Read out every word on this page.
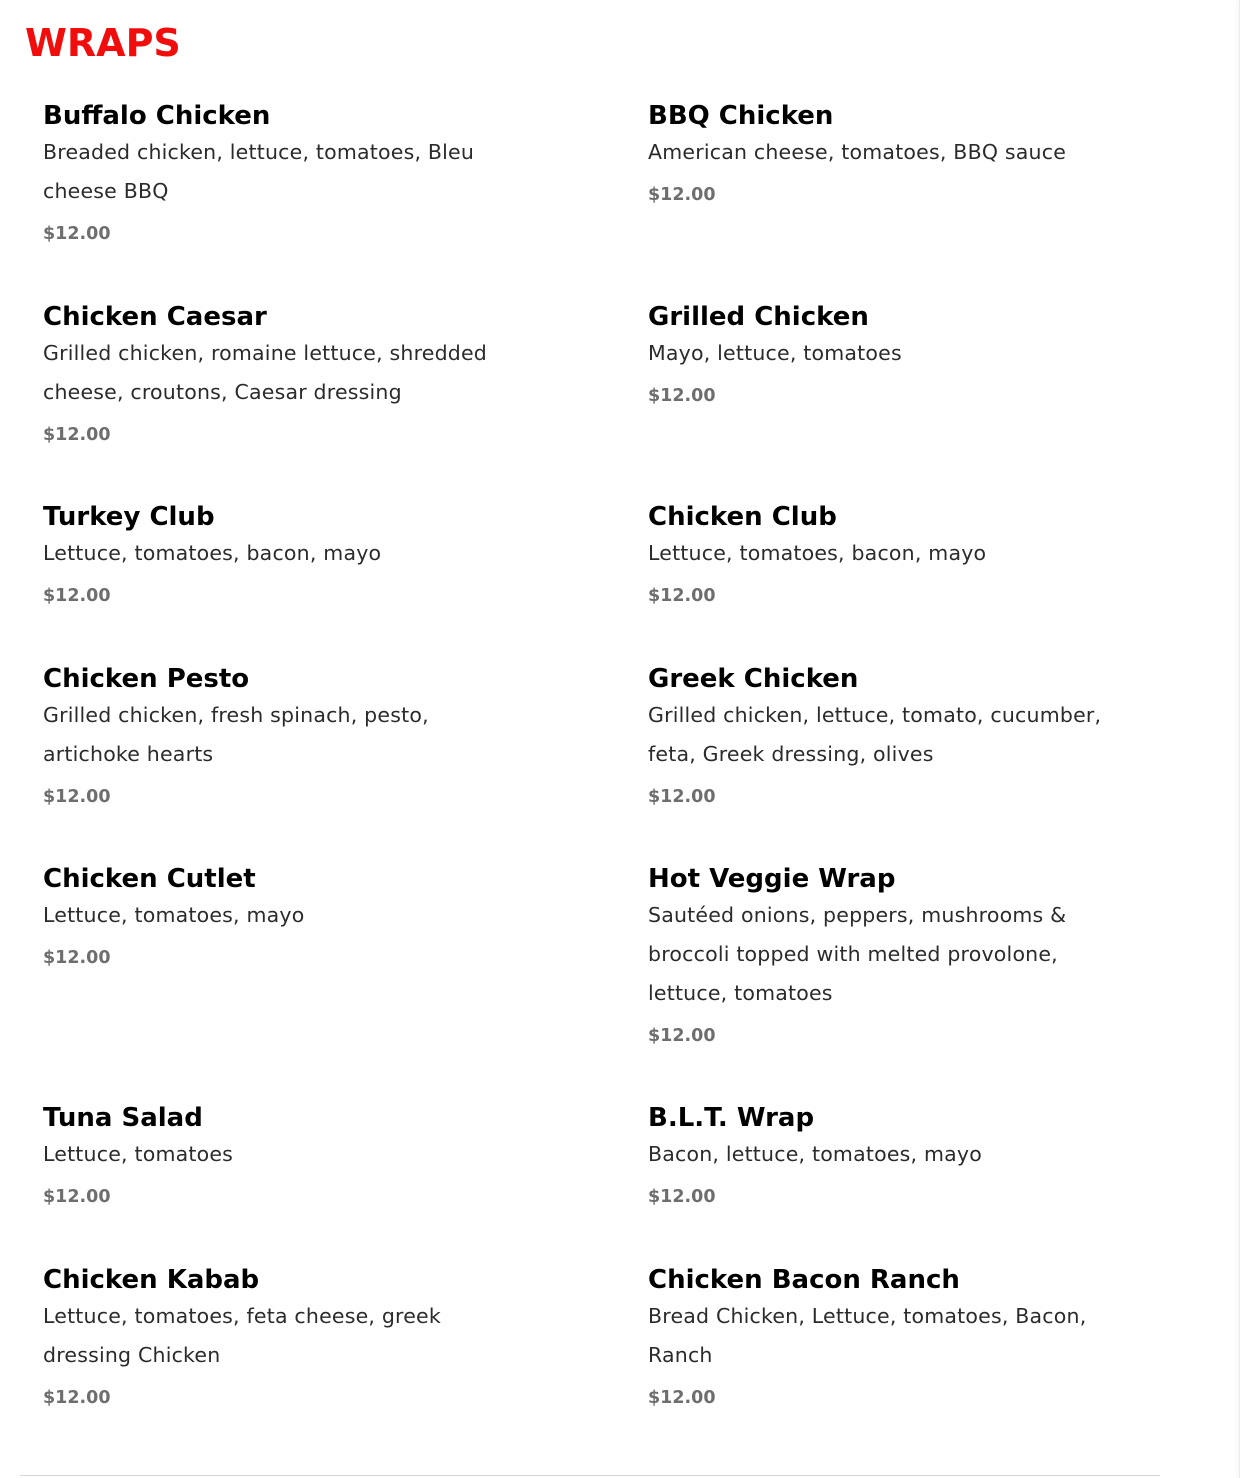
WRAPS
Buffalo Chicken

Breaded chicken, lettuce, tomatoes, Bleu cheese BBQ

$12.00

BBQ Chicken

American cheese, tomatoes, BBQ sauce

$12.00

Chicken Caesar

Grilled chicken, romaine lettuce, shredded cheese, croutons, Caesar dressing

$12.00

Grilled Chicken

Mayo, lettuce, tomatoes

$12.00

Turkey Club

Lettuce, tomatoes, bacon, mayo

$12.00

Chicken Club

Lettuce, tomatoes, bacon, mayo

$12.00

Chicken Pesto

Grilled chicken, fresh spinach, pesto, artichoke hearts

$12.00

Greek Chicken

Grilled chicken, lettuce, tomato, cucumber, feta, Greek dressing, olives

$12.00

Chicken Cutlet

Lettuce, tomatoes, mayo

$12.00

Hot Veggie Wrap

Sautéed onions, peppers, mushrooms & broccoli topped with melted provolone, lettuce, tomatoes

$12.00

Tuna Salad

Lettuce, tomatoes

$12.00

B.L.T. Wrap

Bacon, lettuce, tomatoes, mayo

$12.00

Chicken Kabab

Lettuce, tomatoes, feta cheese, greek dressing Chicken

$12.00

Chicken Bacon Ranch

Bread Chicken, Lettuce, tomatoes, Bacon, Ranch

$12.00
